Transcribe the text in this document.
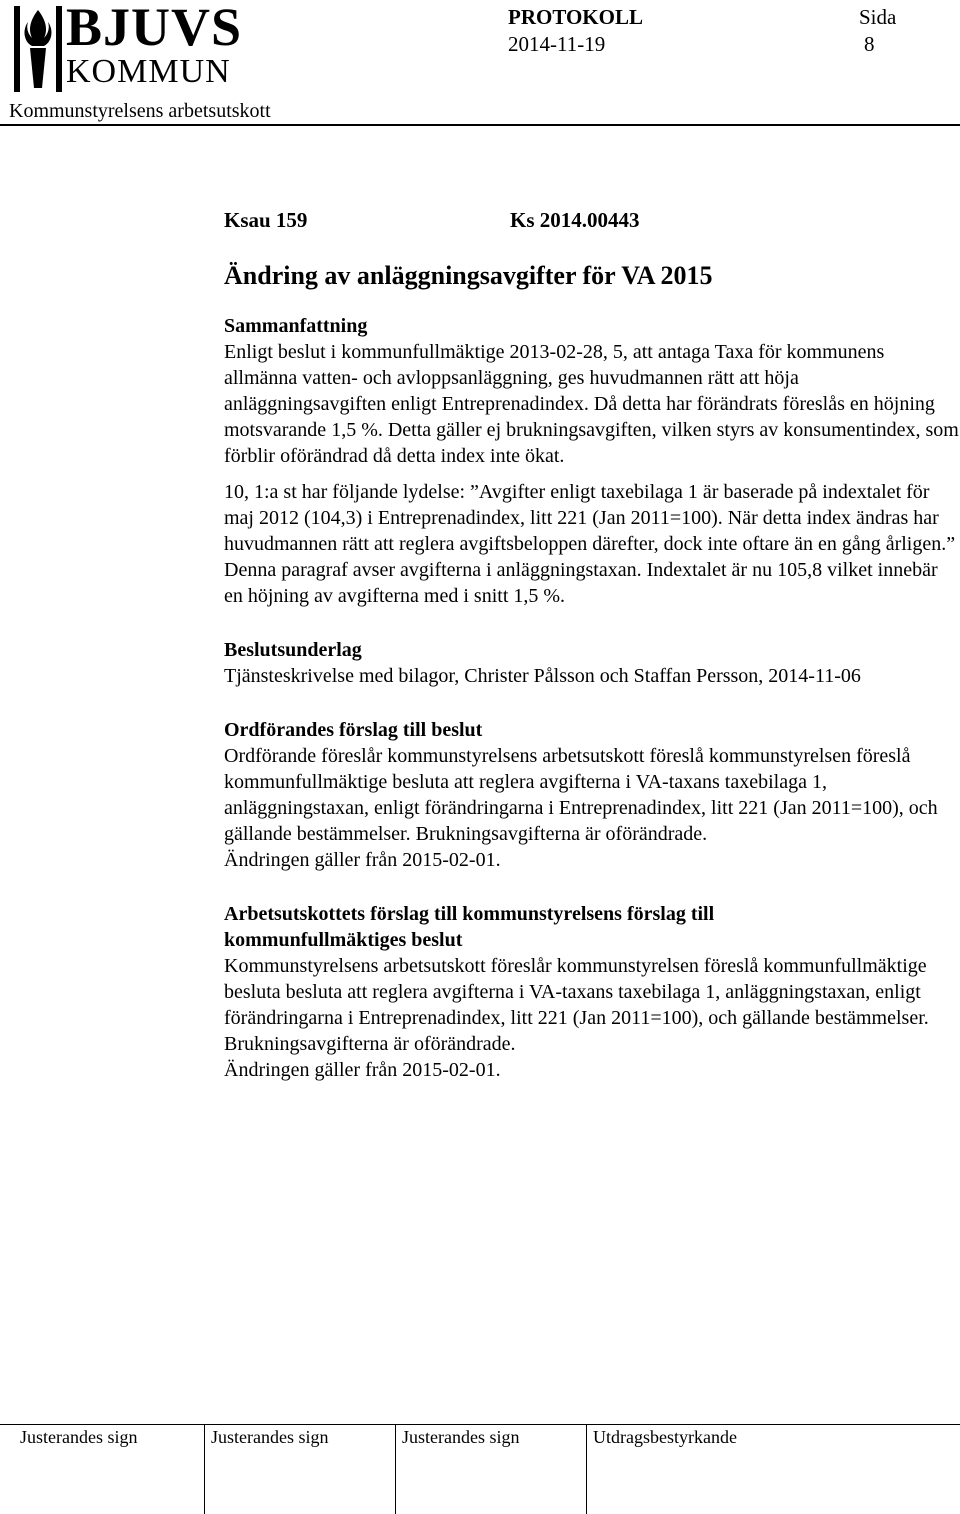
BJUVS
KOMMUN
Kommunstyrelsens arbetsutskott
PROTOKOLL
2014-11-19
Sida
8
Ksau 159	Ks 2014.00443
Ändring av anläggningsavgifter för VA 2015
Sammanfattning

Enligt beslut i kommunfullmäktige 2013-02-28, 5, att antaga Taxa för kommunens allmänna vatten- och avloppsanläggning, ges huvudmannen rätt att höja anläggningsavgiften enligt Entreprenadindex. Då detta har förändrats föreslås en höjning motsvarande 1,5 %. Detta gäller ej brukningsavgiften, vilken styrs av konsumentindex, som förblir oförändrad då detta index inte ökat.

10, 1:a st har följande lydelse: ”Avgifter enligt taxebilaga 1 är baserade på indextalet för maj 2012 (104,3) i Entreprenadindex, litt 221 (Jan 2011=100). När detta index ändras har huvudmannen rätt att reglera avgiftsbeloppen därefter, dock inte oftare än en gång årligen.” Denna paragraf avser avgifterna i anläggningstaxan. Indextalet är nu 105,8 vilket innebär en höjning av avgifterna med i snitt 1,5 %.

Beslutsunderlag

Tjänsteskrivelse med bilagor, Christer Pålsson och Staffan Persson, 2014-11-06

Ordförandes förslag till beslut

Ordförande föreslår kommunstyrelsens arbetsutskott föreslå kommunstyrelsen föreslå kommunfullmäktige besluta att reglera avgifterna i VA-taxans taxebilaga 1, anläggningstaxan, enligt förändringarna i Entreprenadindex, litt 221 (Jan 2011=100), och gällande bestämmelser. Brukningsavgifterna är oförändrade.

Ändringen gäller från 2015-02-01.

Arbetsutskottets förslag till kommunstyrelsens förslag till kommunfullmäktiges beslut

Kommunstyrelsens arbetsutskott föreslår kommunstyrelsen föreslå kommunfullmäktige besluta besluta att reglera avgifterna i VA-taxans taxebilaga 1, anläggningstaxan, enligt förändringarna i Entreprenadindex, litt 221 (Jan 2011=100), och gällande bestämmelser. Brukningsavgifterna är oförändrade.

Ändringen gäller från 2015-02-01.

Justerandes sign	Justerandes sign	Justerandes sign	Utdragsbestyrkande
